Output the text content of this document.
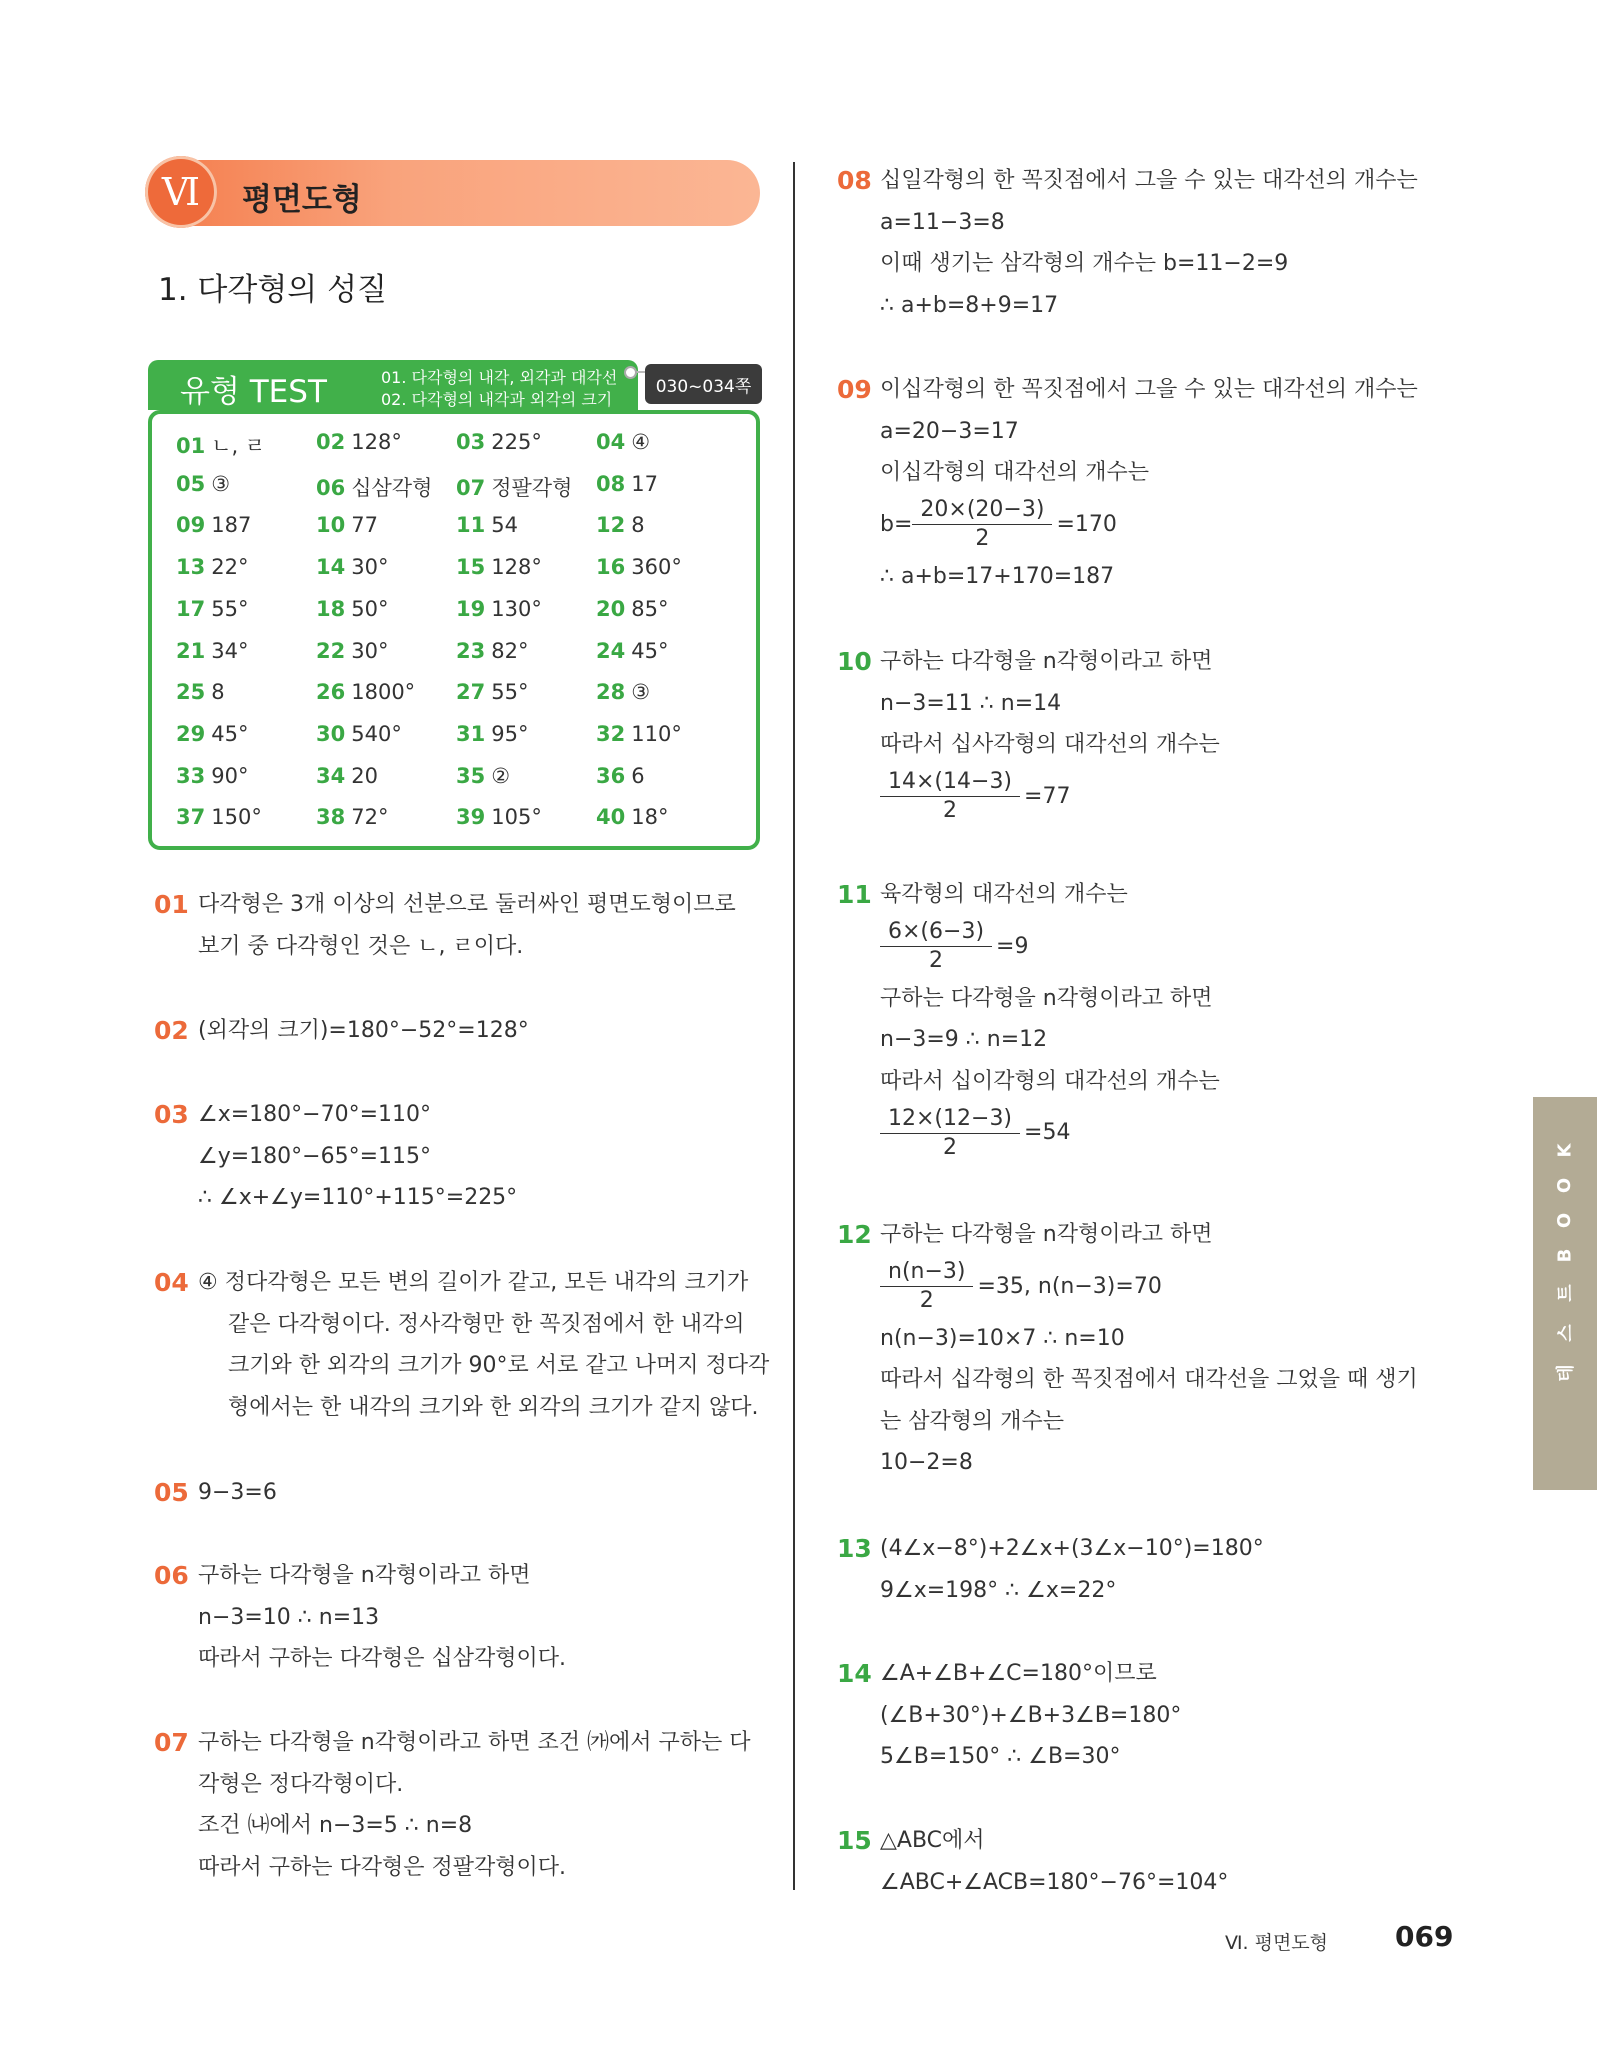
Ⅵ	평면도형
1. 다각형의 성질
유형 TEST	01. 다각형의 내각, 외각과 대각선
02. 다각형의 내각과 외각의 크기
030~034쪽
01 ㄴ, ㄹ 02 128°	03 225°	04 ④
05 ③	06 십삼각형 07 정팔각형 08 17
09 187	10 77	11 54	12 8
13 22°	14 30°	15 128°	16 360°
17 55°	18 50°	19 130°	20 85°
21 34°	22 30°	23 82°	24 45°
25 8	26 1800° 27 55°	28 ③
29 45°	30 540°	31 95°	32 110°
33 90°	34 20	35 ②	36 6
37 150°	38 72°	39 105°	40 18°
01 다각형은 3개 이상의 선분으로 둘러싸인 평면도형이므로
보기 중 다각형인 것은 ㄴ, ㄹ이다.
02 (외각의 크기)=180°−52°=128°
03 ∠x=180°−70°=110°
∠y=180°−65°=115°
∴ ∠x+∠y=110°+115°=225°
04 ④ 정다각형은 모든 변의 길이가 같고, 모든 내각의 크기가
같은 다각형이다. 정사각형만 한 꼭짓점에서 한 내각의
크기와 한 외각의 크기가 90°로 서로 같고 나머지 정다각
형에서는 한 내각의 크기와 한 외각의 크기가 같지 않다.
05 9−3=6
06 구하는 다각형을 n각형이라고 하면
n−3=10 ∴ n=13
따라서 구하는 다각형은 십삼각형이다.
07 구하는 다각형을 n각형이라고 하면 조건 ㈎에서 구하는 다
각형은 정다각형이다.
조건 ㈏에서 n−3=5 ∴ n=8
따라서 구하는 다각형은 정팔각형이다.
08 십일각형의 한 꼭짓점에서 그을 수 있는 대각선의 개수는
a=11−3=8
이때 생기는 삼각형의 개수는 b=11−2=9
∴ a+b=8+9=17
09 이십각형의 한 꼭짓점에서 그을 수 있는 대각선의 개수는
a=20−3=17
이십각형의 대각선의 개수는
$b= \frac{20\times(20-3)}{2} =170$
∴ a+b=17+170=187
10 구하는 다각형을 n각형이라고 하면
n−3=11 ∴ n=14
따라서 십사각형의 대각선의 개수는
$\frac{14\times(14-3)}{2} =77$
11 육각형의 대각선의 개수는
$\frac{6\times(6-3)}{2} =9$
구하는 다각형을 n각형이라고 하면
n−3=9 ∴ n=12
따라서 십이각형의 대각선의 개수는
$\frac{12\times(12-3)}{2} =54$
12 구하는 다각형을 n각형이라고 하면
$\frac{n(n-3)}{2} =35$, n(n−3)=70
n(n−3)=10×7 ∴ n=10
따라서 십각형의 한 꼭짓점에서 대각선을 그었을 때 생기
는 삼각형의 개수는
10−2=8
13 (4∠x−8°)+2∠x+(3∠x−10°)=180°
9∠x=198° ∴ ∠x=22°
14 ∠A+∠B+∠C=180°이므로
(∠B+30°)+∠B+3∠B=180°
5∠B=150° ∴ ∠B=30°
15 △ABC에서
∠ABC+∠ACB=180°−76°=104°
K
O
O
B
트
스
테
Ⅵ. 평면도형 069
